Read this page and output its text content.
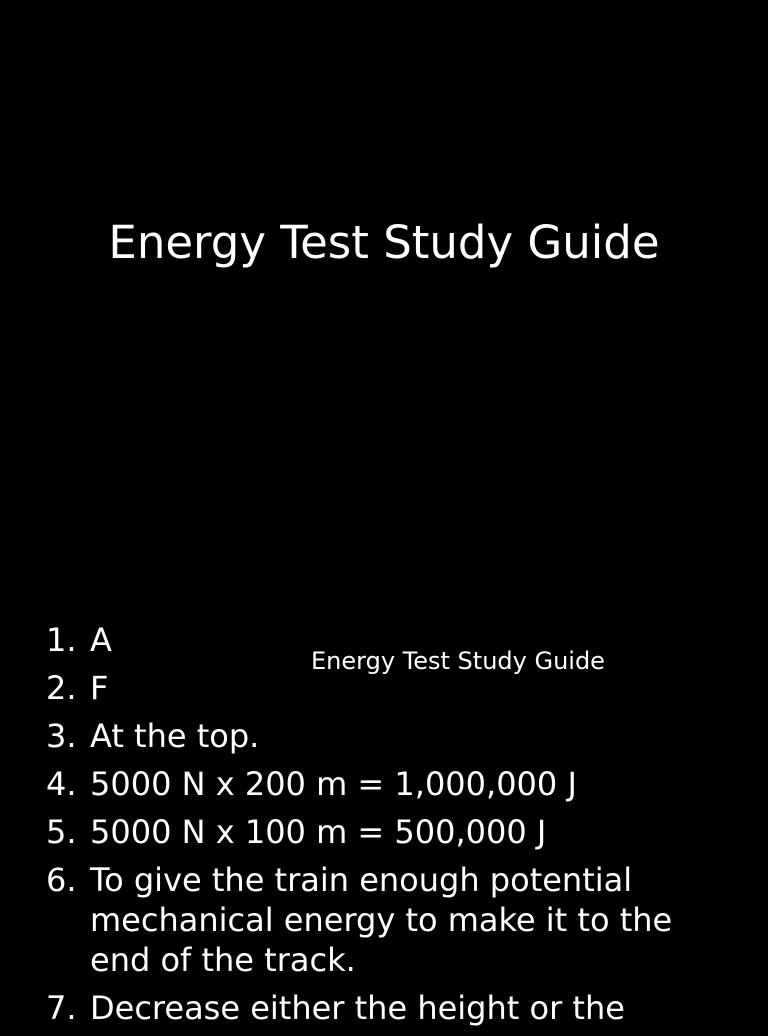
Energy Test Study Guide
Energy Test Study Guide
1. A
2. F
3. At the top.
4. 5000 N x 200 m = 1,000,000 J
5. 5000 N x 100 m = 500,000 J
6. To give the train enough potential mechanical energy to make it to the end of the track.
7. Decrease either the height or the
